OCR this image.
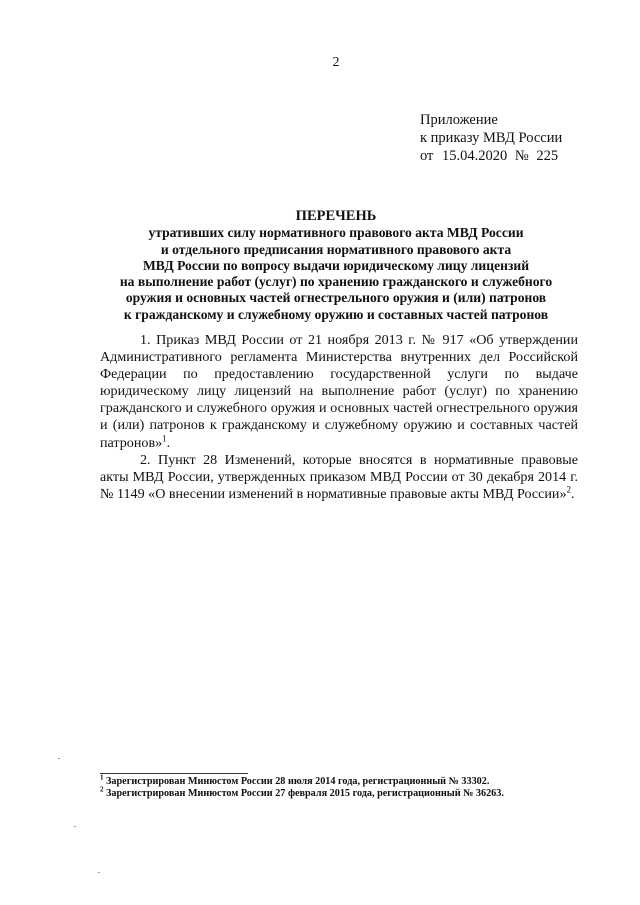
2
Приложение
к приказу МВД России
от 15.04.2020 № 225
ПЕРЕЧЕНЬ
утративших силу нормативного правового акта МВД России
и отдельного предписания нормативного правового акта
МВД России по вопросу выдачи юридическому лицу лицензий
на выполнение работ (услуг) по хранению гражданского и служебного
оружия и основных частей огнестрельного оружия и (или) патронов
к гражданскому и служебному оружию и составных частей патронов

1. Приказ МВД России от 21 ноября 2013 г. № 917 «Об утверждении Административного регламента Министерства внутренних дел Российской Федерации по предоставлению государственной услуги по выдаче юридическому лицу лицензий на выполнение работ (услуг) по хранению гражданского и служебного оружия и основных частей огнестрельного оружия и (или) патронов к гражданскому и служебному оружию и составных частей патронов»$^1$.

2. Пункт 28 Изменений, которые вносятся в нормативные правовые акты МВД России, утвержденных приказом МВД России от 30 декабря 2014 г. № 1149 «О внесении изменений в нормативные правовые акты МВД России»$^2$.

$^1$ Зарегистрирован Минюстом России 28 июля 2014 года, регистрационный № 33302.
$^2$ Зарегистрирован Минюстом России 27 февраля 2015 года, регистрационный № 36263.
